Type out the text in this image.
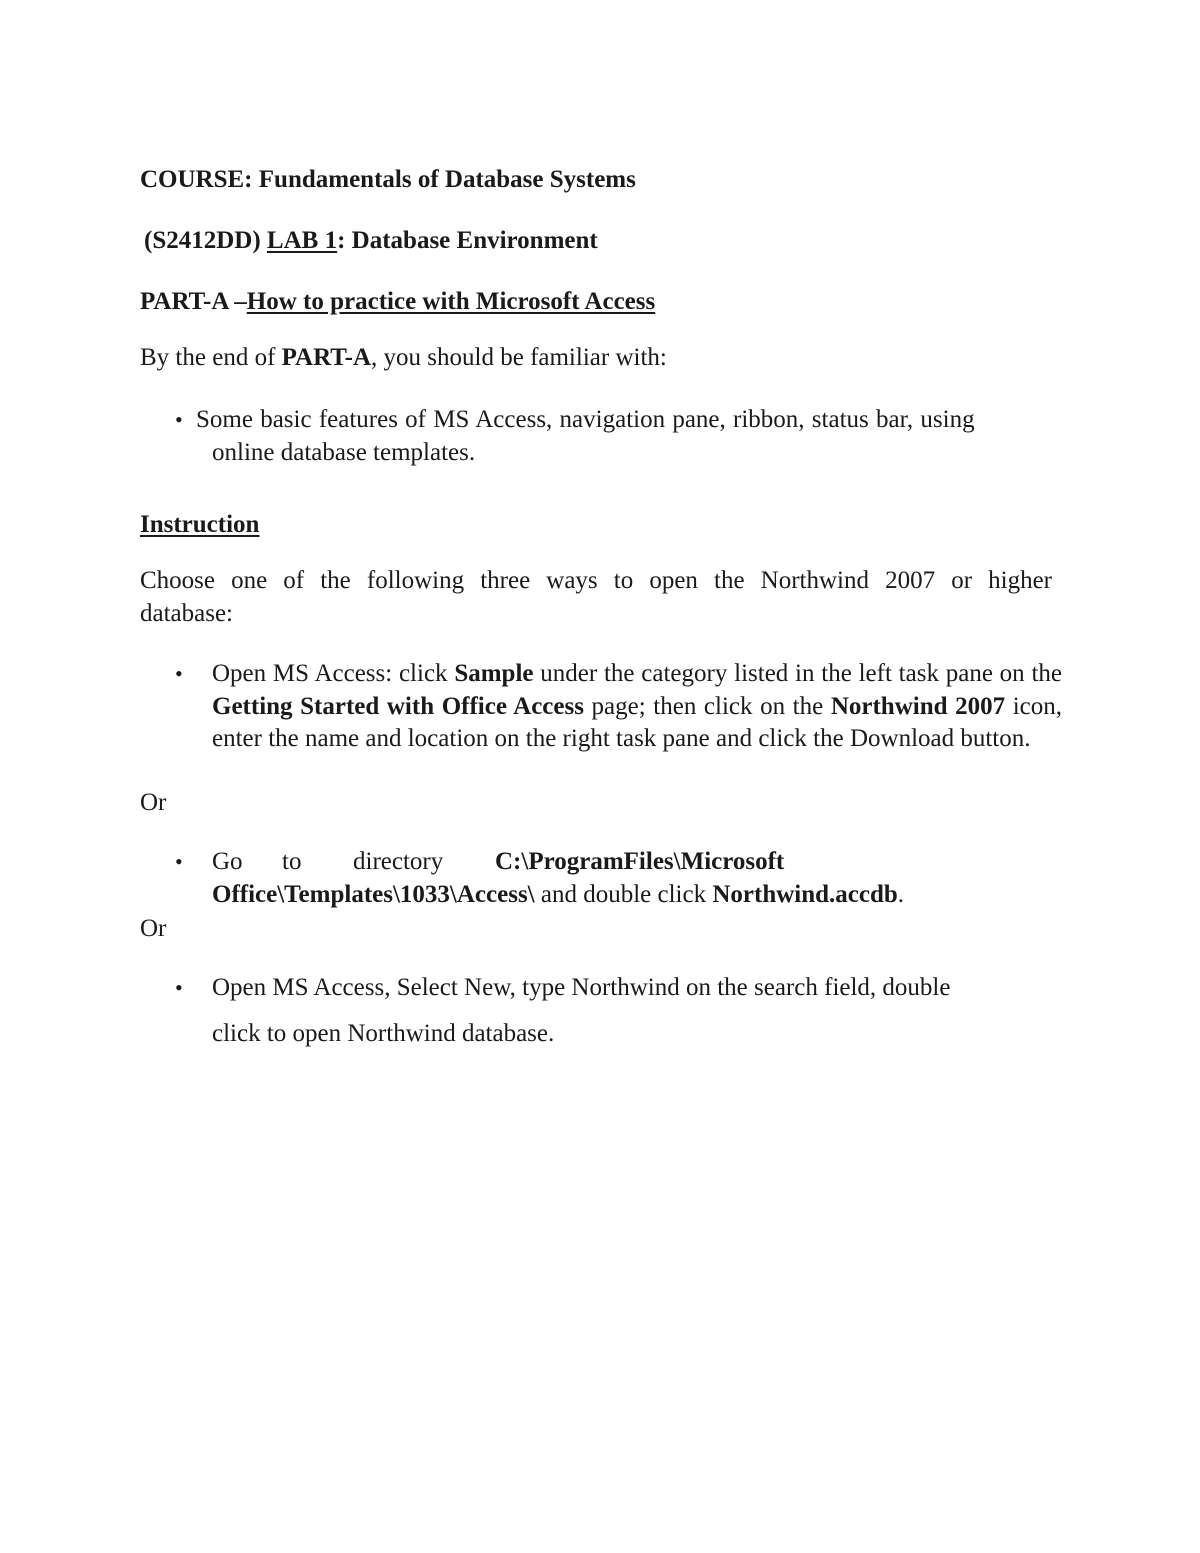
COURSE: Fundamentals of Database Systems
(S2412DD) LAB 1: Database Environment
PART-A –How to practice with Microsoft Access
By the end of PART-A, you should be familiar with:
• Some basic features of MS Access, navigation pane, ribbon, status bar, using
online database templates.
Instruction
Choose one of the following three ways to open the Northwind 2007 or higher database:
• Open MS Access: click Sample under the category listed in the left task pane on the Getting Started with Office Access page; then click on the Northwind 2007 icon, enter the name and location on the right task pane and click the Download button.
Or
• Go to directory C:\ProgramFiles\Microsoft
Office\Templates\1033\Access\ and double click Northwind.accdb.
Or
• Open MS Access, Select New, type Northwind on the search field, double
click to open Northwind database.
